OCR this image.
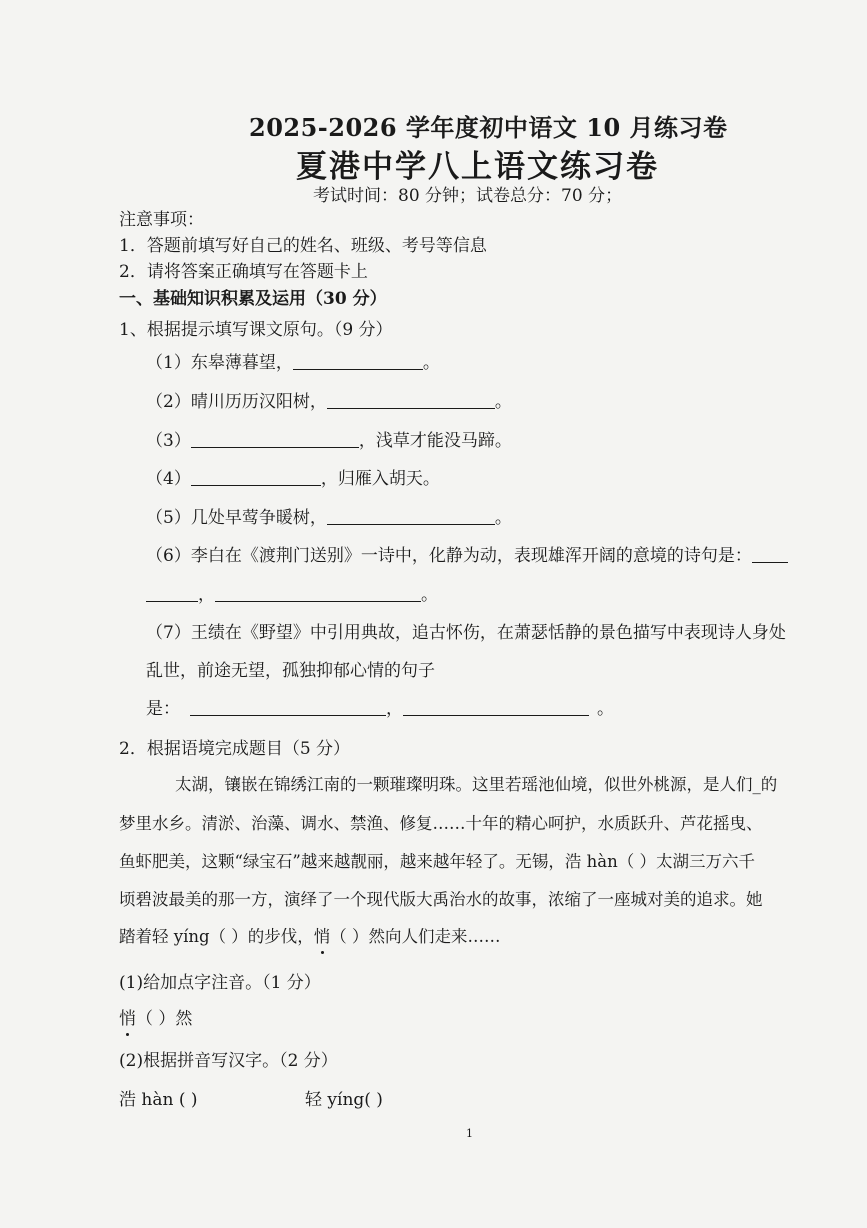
2025-2026 学年度初中语文 10 月练习卷
夏港中学八上语文练习卷
考试时间：80 分钟；试卷总分：70 分；
注意事项：
1．答题前填写好自己的姓名、班级、考号等信息
2．请将答案正确填写在答题卡上
一、基础知识积累及运用（30 分）
1、根据提示填写课文原句。（9 分）
（1）东皋薄暮望，	。
（2）晴川历历汉阳树，	。
（3）	，浅草才能没马蹄。
（4）	，归雁入胡天。
（5）几处早莺争暖树，	。
（6）李白在《渡荆门送别》一诗中，化静为动，表现雄浑开阔的意境的诗句是：
，	。
（7）王绩在《野望》中引用典故，追古怀伤，在萧瑟恬静的景色描写中表现诗人身处
乱世，前途无望，孤独抑郁心情的句子
是：	，	。
2．根据语境完成题目（5 分）
太湖，镶嵌在锦绣江南的一颗璀璨明珠。这里若瑶池仙境，似世外桃源，是人们_的
梦里水乡。清淤、治藻、调水、禁渔、修复……十年的精心呵护，水质跃升、芦花摇曳、
鱼虾肥美，这颗“绿宝石”越来越靓丽，越来越年轻了。无锡，浩 hàn（ ）太湖三万六千
顷碧波最美的那一方，演绎了一个现代版大禹治水的故事，浓缩了一座城对美的追求。她
踏着轻 yíng（ ）的步伐，悄（ ）然向人们走来……
(1)给加点字注音。（1 分）
悄（ ）然
(2)根据拼音写汉字。（2 分）
浩 hàn ( )	轻 yíng( )
1
